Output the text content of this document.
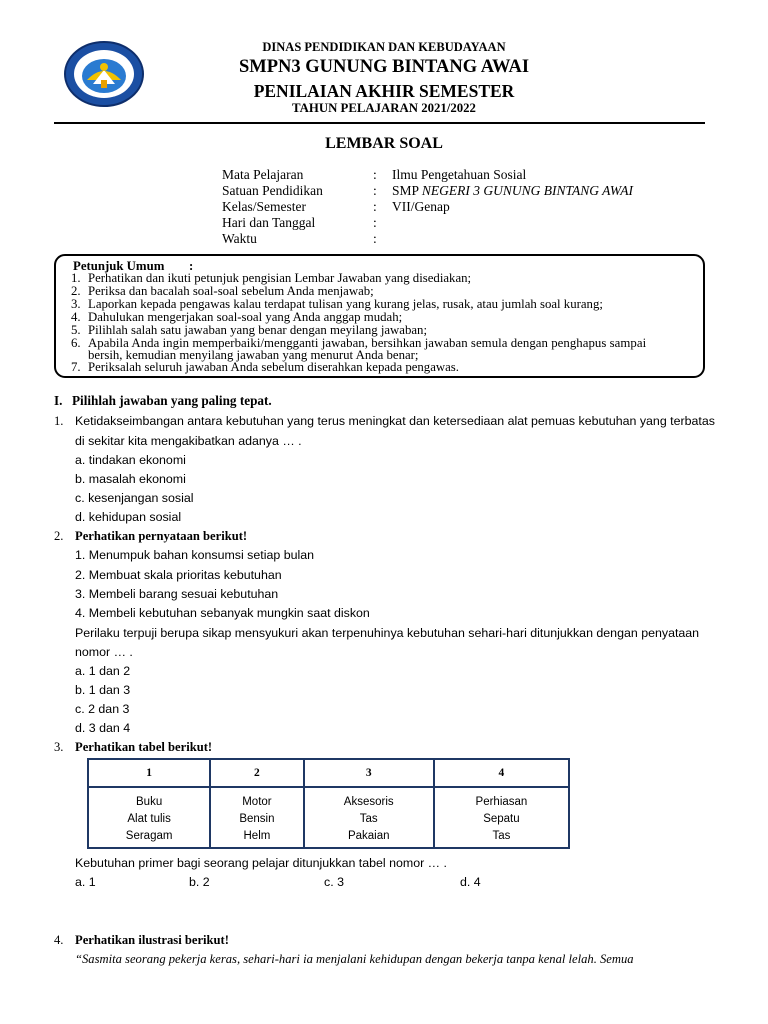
DINAS PENDIDIKAN DAN KEBUDAYAAN
SMPN3 GUNUNG BINTANG AWAI
PENILAIAN AKHIR SEMESTER
TAHUN PELAJARAN 2021/2022
LEMBAR SOAL
Mata Pelajaran	: Ilmu Pengetahuan Sosial
Satuan Pendidikan	: SMP NEGERI 3 GUNUNG BINTANG AWAI
Kelas/Semester	: VII/Genap
Hari dan Tanggal	:
Waktu	:
Petunjuk Umum :
1. Perhatikan dan ikuti petunjuk pengisian Lembar Jawaban yang disediakan;
2. Periksa dan bacalah soal-soal sebelum Anda menjawab;
3. Laporkan kepada pengawas kalau terdapat tulisan yang kurang jelas, rusak, atau jumlah soal kurang;
4. Dahulukan mengerjakan soal-soal yang Anda anggap mudah;
5. Pilihlah salah satu jawaban yang benar dengan meyilang jawaban;
6. Apabila Anda ingin memperbaiki/mengganti jawaban, bersihkan jawaban semula dengan penghapus sampai
bersih, kemudian menyilang jawaban yang menurut Anda benar;
7. Periksalah seluruh jawaban Anda sebelum diserahkan kepada pengawas.
I. Pilihlah jawaban yang paling tepat.
1. Ketidakseimbangan antara kebutuhan yang terus meningkat dan ketersediaan alat pemuas kebutuhan yang terbatas
di sekitar kita mengakibatkan adanya … .
a. tindakan ekonomi
b. masalah ekonomi
c. kesenjangan sosial
d. kehidupan sosial
2. Perhatikan pernyataan berikut!
1. Menumpuk bahan konsumsi setiap bulan
2. Membuat skala prioritas kebutuhan
3. Membeli barang sesuai kebutuhan
4. Membeli kebutuhan sebanyak mungkin saat diskon
Perilaku terpuji berupa sikap mensyukuri akan terpenuhinya kebutuhan sehari-hari ditunjukkan dengan penyataan
nomor … .
a. 1 dan 2
b. 1 dan 3
c. 2 dan 3
d. 3 dan 4
3. Perhatikan tabel berikut!
1	2	3	4
Buku	Motor	Aksesoris	Perhiasan
Alat tulis	Bensin	Tas	Sepatu
Seragam	Helm	Pakaian	Tas
Kebutuhan primer bagi seorang pelajar ditunjukkan tabel nomor … .
a. 1	b. 2	c. 3	d. 4
4. Perhatikan ilustrasi berikut!
“Sasmita seorang pekerja keras, sehari-hari ia menjalani kehidupan dengan bekerja tanpa kenal lelah. Semua
